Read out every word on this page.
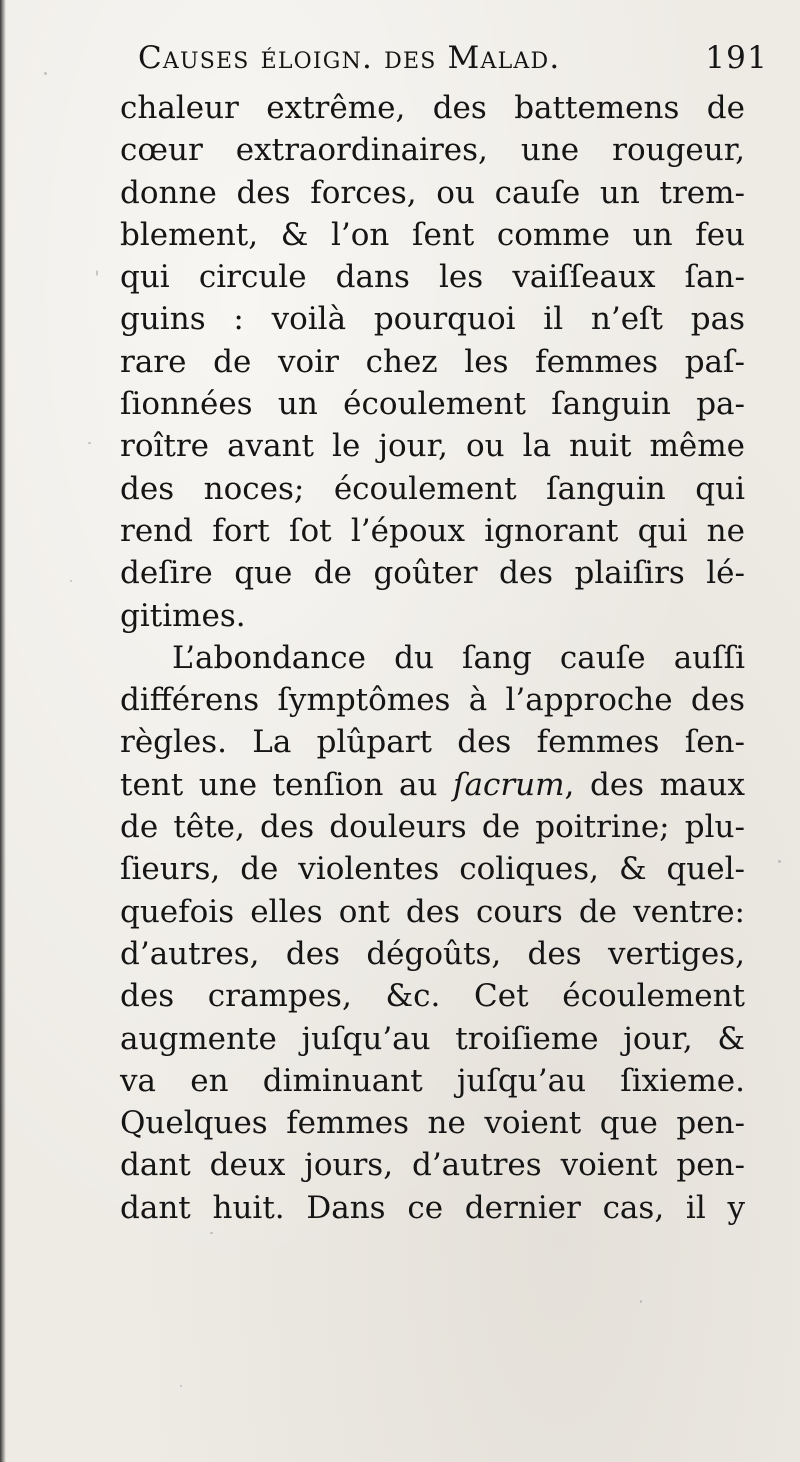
Causes éloign. des Malad.	191
chaleur extrême, des battemens de
cœur extraordinaires, une rougeur,
donne des forces, ou cauſe un trem-
blement, & l’on ſent comme un feu
qui circule dans les vaiſſeaux ſan-
guins : voilà pourquoi il n’eſt pas
rare de voir chez les femmes paſ-
ſionnées un écoulement ſanguin pa-
roître avant le jour, ou la nuit même
des noces; écoulement ſanguin qui
rend fort ſot l’époux ignorant qui ne
deſire que de goûter des plaiſirs lé-
gitimes.
L’abondance du ſang cauſe auſſi
différens ſymptômes à l’approche des
règles. La plûpart des femmes ſen-
tent une tenſion au ſacrum, des maux
de tête, des douleurs de poitrine; plu-
ſieurs, de violentes coliques, & quel-
quefois elles ont des cours de ventre:
d’autres, des dégoûts, des vertiges,
des crampes, &c. Cet écoulement
augmente juſqu’au troiſieme jour, &
va en diminuant juſqu’au ſixieme.
Quelques femmes ne voient que pen-
dant deux jours, d’autres voient pen-
dant huit. Dans ce dernier cas, il y
